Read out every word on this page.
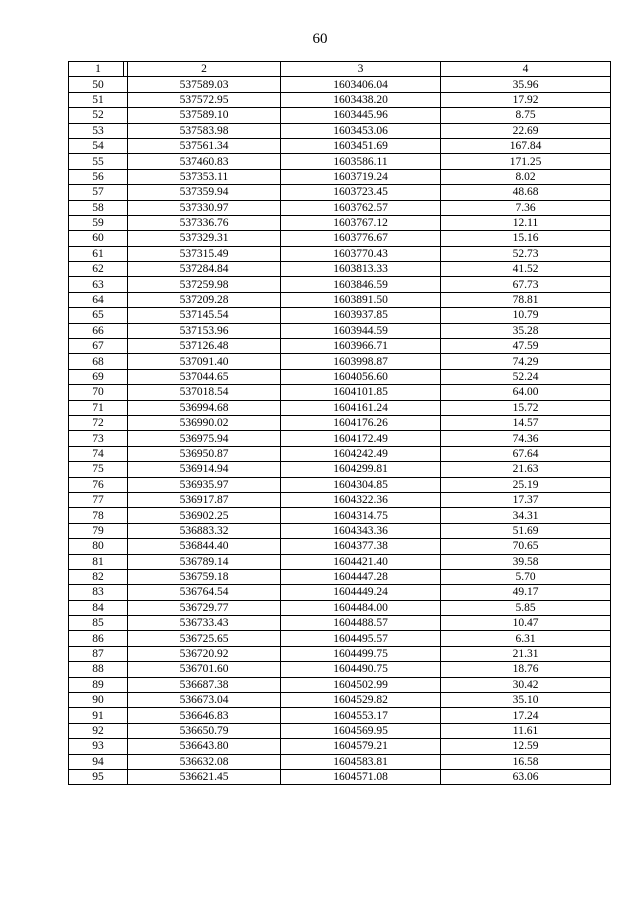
60
1	2	3	4
50	537589.03	1603406.04	35.96
51	537572.95	1603438.20	17.92
52	537589.10	1603445.96	8.75
53	537583.98	1603453.06	22.69
54	537561.34	1603451.69	167.84
55	537460.83	1603586.11	171.25
56	537353.11	1603719.24	8.02
57	537359.94	1603723.45	48.68
58	537330.97	1603762.57	7.36
59	537336.76	1603767.12	12.11
60	537329.31	1603776.67	15.16
61	537315.49	1603770.43	52.73
62	537284.84	1603813.33	41.52
63	537259.98	1603846.59	67.73
64	537209.28	1603891.50	78.81
65	537145.54	1603937.85	10.79
66	537153.96	1603944.59	35.28
67	537126.48	1603966.71	47.59
68	537091.40	1603998.87	74.29
69	537044.65	1604056.60	52.24
70	537018.54	1604101.85	64.00
71	536994.68	1604161.24	15.72
72	536990.02	1604176.26	14.57
73	536975.94	1604172.49	74.36
74	536950.87	1604242.49	67.64
75	536914.94	1604299.81	21.63
76	536935.97	1604304.85	25.19
77	536917.87	1604322.36	17.37
78	536902.25	1604314.75	34.31
79	536883.32	1604343.36	51.69
80	536844.40	1604377.38	70.65
81	536789.14	1604421.40	39.58
82	536759.18	1604447.28	5.70
83	536764.54	1604449.24	49.17
84	536729.77	1604484.00	5.85
85	536733.43	1604488.57	10.47
86	536725.65	1604495.57	6.31
87	536720.92	1604499.75	21.31
88	536701.60	1604490.75	18.76
89	536687.38	1604502.99	30.42
90	536673.04	1604529.82	35.10
91	536646.83	1604553.17	17.24
92	536650.79	1604569.95	11.61
93	536643.80	1604579.21	12.59
94	536632.08	1604583.81	16.58
95	536621.45	1604571.08	63.06
